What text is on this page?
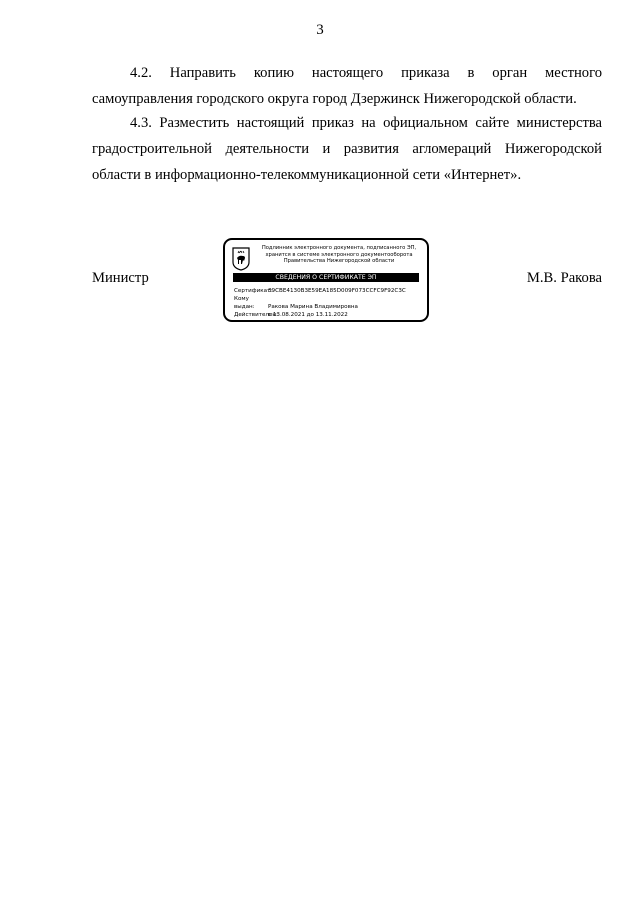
3

4.2. Направить копию настоящего приказа в орган местного самоуправления городского округа город Дзержинск Нижегородской области.

4.3. Разместить настоящий приказ на официальном сайте министерства градостроительной деятельности и развития агломераций Нижегородской области в информационно-телекоммуникационной сети «Интернет».

Министр	М.В. Ракова
Подлинник электронного документа, подписанного ЭП,
хранится в системе электронного документооборота
Правительства Нижегородской области
СВЕДЕНИЯ О СЕРТИФИКАТЕ ЭП
Сертификат:39CBE4130B3E59EA185D009F073CCFC9F92C3C
Кому выдан: Ракова Марина Владимировна
Действителен:с 13.08.2021 до 13.11.2022
